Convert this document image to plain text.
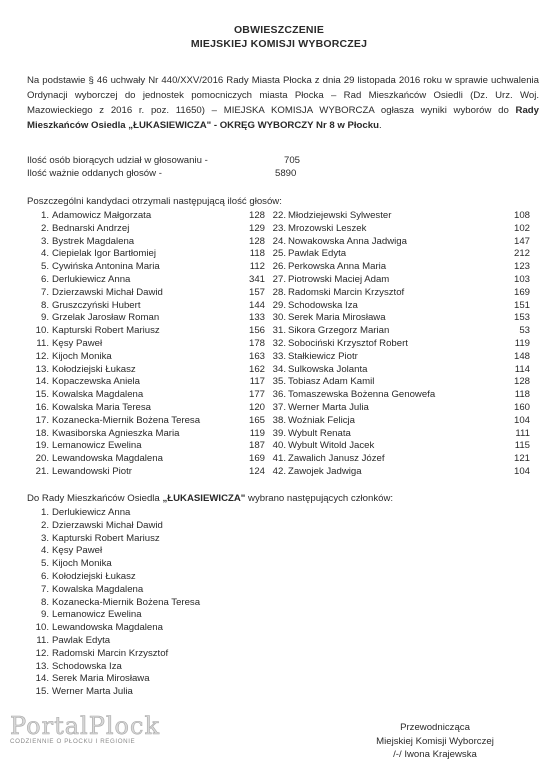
OBWIESZCZENIE
MIEJSKIEJ KOMISJI WYBORCZEJ

Na podstawie § 46 uchwały Nr 440/XXV/2016 Rady Miasta Płocka z dnia 29 listopada 2016 roku w sprawie uchwalenia Ordynacji wyborczej do jednostek pomocniczych miasta Płocka – Rad Mieszkańców Osiedli (Dz. Urz. Woj. Mazowieckiego z 2016 r. poz. 11650) – MIEJSKA KOMISJA WYBORCZA ogłasza wyniki wyborów do Rady Mieszkańców Osiedla „ŁUKASIEWICZA" - OKRĘG WYBORCZY Nr 8 w Płocku.

Ilość osób biorących udział w głosowaniu -	705
Ilość ważnie oddanych głosów -	5890
Poszczególni kandydaci otrzymali następującą ilość głosów:
1. Adamowicz Małgorzata	128
2. Bednarski Andrzej	129
3. Bystrek Magdalena	128
4. Ciepielak Igor Bartłomiej	118
5. Cywińska Antonina Maria	112
6. Derlukiewicz Anna	341
7. Dzierzawski Michał Dawid	157
8. Gruszczyński Hubert	144
9. Grzelak Jarosław Roman	133
10. Kapturski Robert Mariusz	156
11. Kęsy Paweł	178
12. Kijoch Monika	163
13. Kołodziejski Łukasz	162
14. Kopaczewska Aniela	117
15. Kowalska Magdalena	177
16. Kowalska Maria Teresa	120
17. Kozanecka-Miernik Bożena Teresa	165
18. Kwasiborska Agnieszka Maria	119
19. Lemanowicz Ewelina	187
20. Lewandowska Magdalena	169
21. Lewandowski Piotr	124
22. Młodziejewski Sylwester	108
23. Mrozowski Leszek	102
24. Nowakowska Anna Jadwiga	147
25. Pawlak Edyta	212
26. Perkowska Anna Maria	123
27. Piotrowski Maciej Adam	103
28. Radomski Marcin Krzysztof	169
29. Schodowska Iza	151
30. Serek Maria Mirosława	153
31. Sikora Grzegorz Marian	53
32. Sobociński Krzysztof Robert	119
33. Stałkiewicz Piotr	148
34. Sulkowska Jolanta	114
35. Tobiasz Adam Kamil	128
36. Tomaszewska Bożenna Genowefa	118
37. Werner Marta Julia	160
38. Woźniak Felicja	104
39. Wybult Renata	111
40. Wybult Witold Jacek	115
41. Zawalich Janusz Józef	121
42. Zawojek Jadwiga	104
Do Rady Mieszkańców Osiedla „ŁUKASIEWICZA" wybrano następujących członków:
1. Derlukiewicz Anna
2. Dzierzawski Michał Dawid
3. Kapturski Robert Mariusz
4. Kęsy Paweł
5. Kijoch Monika
6. Kołodziejski Łukasz
7. Kowalska Magdalena
8. Kozanecka-Miernik Bożena Teresa
9. Lemanowicz Ewelina
10. Lewandowska Magdalena
11. Pawlak Edyta
12. Radomski Marcin Krzysztof
13. Schodowska Iza
14. Serek Maria Mirosława
15. Werner Marta Julia
Przewodnicząca
Miejskiej Komisji Wyborczej
/-/ Iwona Krajewska
PortalPlock
CODZIENNIE O PŁOCKU I REGIONIE
